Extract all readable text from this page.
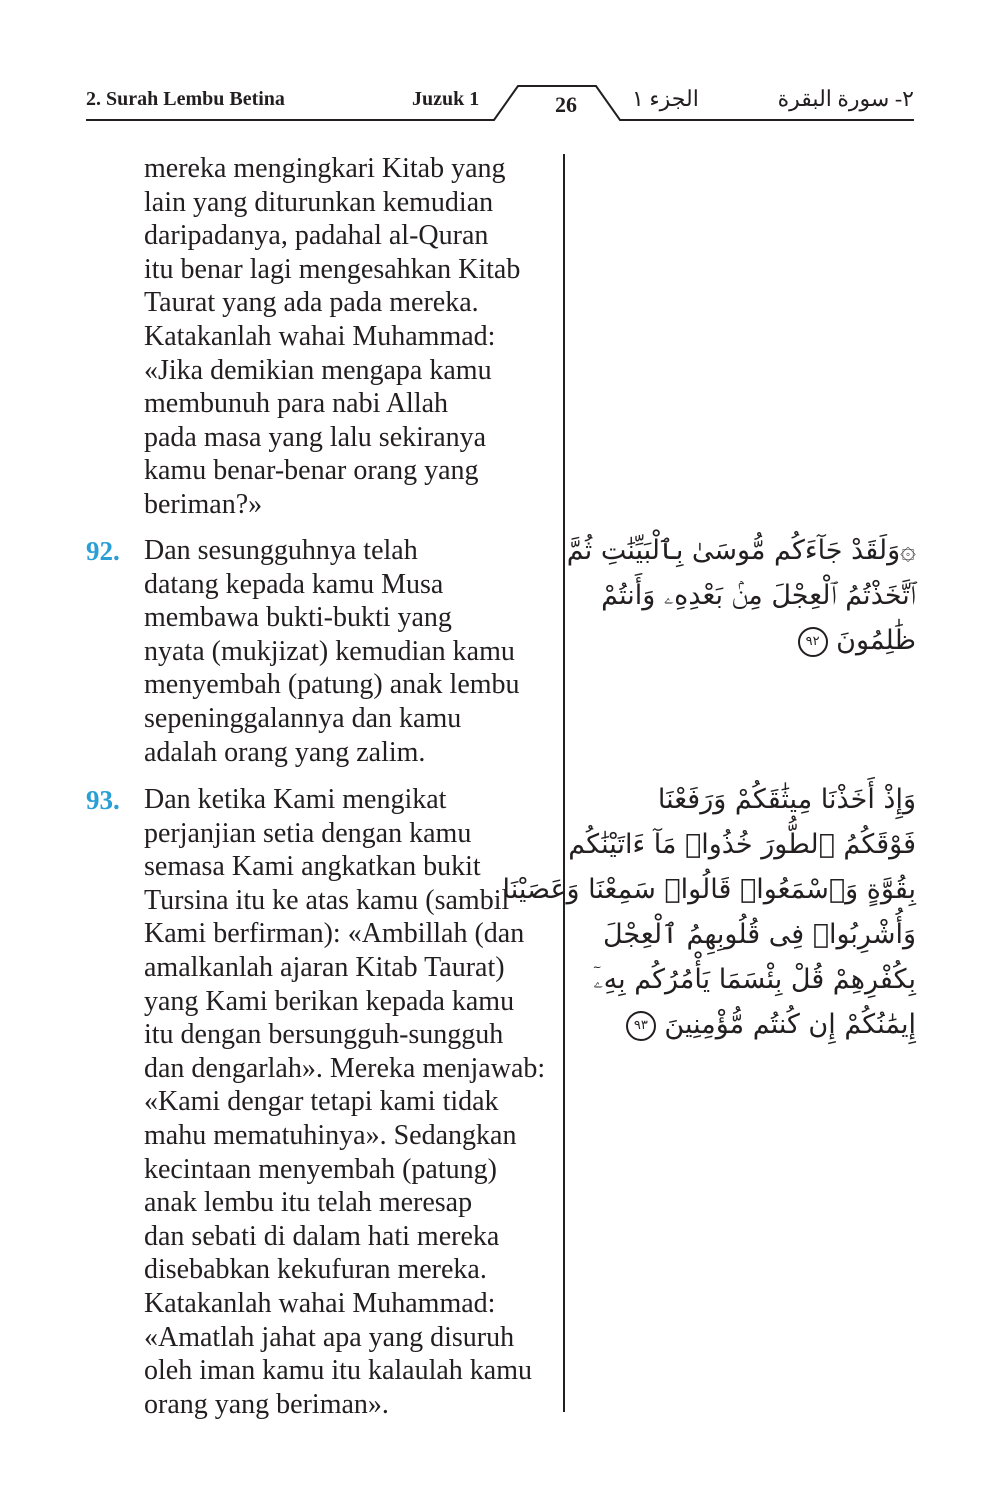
2. Surah Lembu Betina	Juzuk 1	26	الجزء ١	٢- سورة البقرة
mereka mengingkari Kitab yang
lain yang diturunkan kemudian
daripadanya, padahal al-Quran
itu benar lagi mengesahkan Kitab
Taurat yang ada pada mereka.
Katakanlah wahai Muhammad:
«Jika demikian mengapa kamu
membunuh para nabi Allah
pada masa yang lalu sekiranya
kamu benar-benar orang yang
beriman?»
92. Dan sesungguhnya telah
datang kepada kamu Musa
membawa bukti-bukti yang
nyata (mukjizat) kemudian kamu
menyembah (patung) anak lembu
sepeninggalannya dan kamu
adalah orang yang zalim.
۞وَلَقَدْ جَآءَكُم مُّوسَىٰ بِٱلْبَيِّنَٰتِ ثُمَّ
ٱتَّخَذْتُمُ ٱلْعِجْلَ مِنۢ بَعْدِهِۦ وَأَنتُمْ
ظَٰلِمُونَ ٩٢
93. Dan ketika Kami mengikat
perjanjian setia dengan kamu
semasa Kami angkatkan bukit
Tursina itu ke atas kamu (sambil
Kami berfirman): «Ambillah (dan
amalkanlah ajaran Kitab Taurat)
yang Kami berikan kepada kamu
itu dengan bersungguh-sungguh
dan dengarlah». Mereka menjawab:
«Kami dengar tetapi kami tidak
mahu mematuhinya». Sedangkan
kecintaan menyembah (patung)
anak lembu itu telah meresap
dan sebati di dalam hati mereka
disebabkan kekufuran mereka.
Katakanlah wahai Muhammad:
«Amatlah jahat apa yang disuruh
oleh iman kamu itu kalaulah kamu
orang yang beriman».
وَإِذْ أَخَذْنَا مِيثَٰقَكُمْ وَرَفَعْنَا
فَوْقَكُمُ ٱلطُّورَ خُذُوا۟ مَآ ءَاتَيْنَٰكُم
بِقُوَّةٍ وَٱسْمَعُوا۟ قَالُوا۟ سَمِعْنَا وَعَصَيْنَا
وَأُشْرِبُوا۟ فِى قُلُوبِهِمُ ٱلْعِجْلَ
بِكُفْرِهِمْ قُلْ بِئْسَمَا يَأْمُرُكُم بِهِۦٓ
إِيمَٰنُكُمْ إِن كُنتُم مُّؤْمِنِينَ ٩٣
